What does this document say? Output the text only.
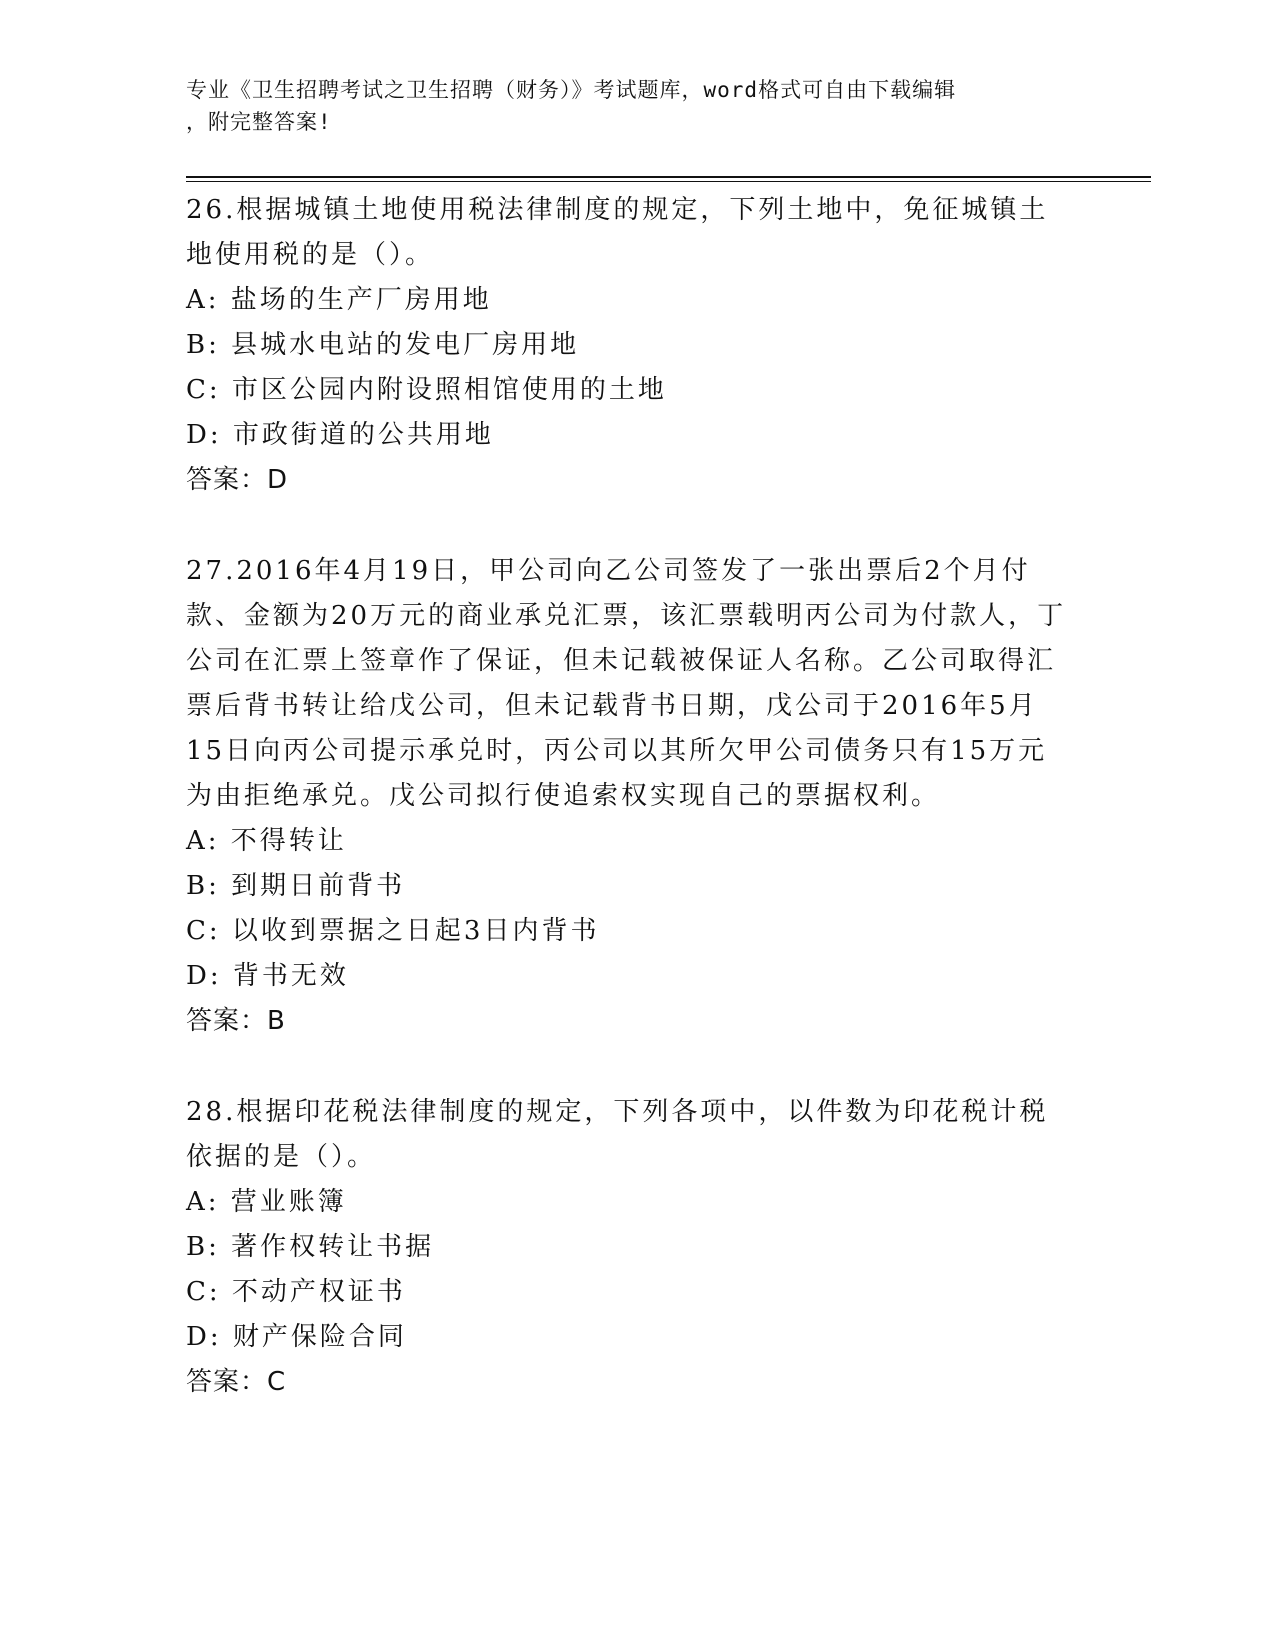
专业《卫生招聘考试之卫生招聘（财务）》考试题库，word格式可自由下载编辑
，附完整答案!

26.根据城镇土地使用税法律制度的规定，下列土地中，免征城镇土地使用税的是（）。

A: 盐场的生产厂房用地

B: 县城水电站的发电厂房用地

C: 市区公园内附设照相馆使用的土地

D: 市政街道的公共用地

答案：D

27.2016年4月19日，甲公司向乙公司签发了一张出票后2个月付款、金额为20万元的商业承兑汇票，该汇票载明丙公司为付款人，丁公司在汇票上签章作了保证，但未记载被保证人名称。乙公司取得汇票后背书转让给戊公司，但未记载背书日期，戊公司于2016年5月15日向丙公司提示承兑时，丙公司以其所欠甲公司债务只有15万元为由拒绝承兑。戊公司拟行使追索权实现自己的票据权利。

A: 不得转让

B: 到期日前背书

C: 以收到票据之日起3日内背书

D: 背书无效

答案：B

28.根据印花税法律制度的规定，下列各项中，以件数为印花税计税依据的是（）。

A: 营业账簿

B: 著作权转让书据

C: 不动产权证书

D: 财产保险合同

答案：C
